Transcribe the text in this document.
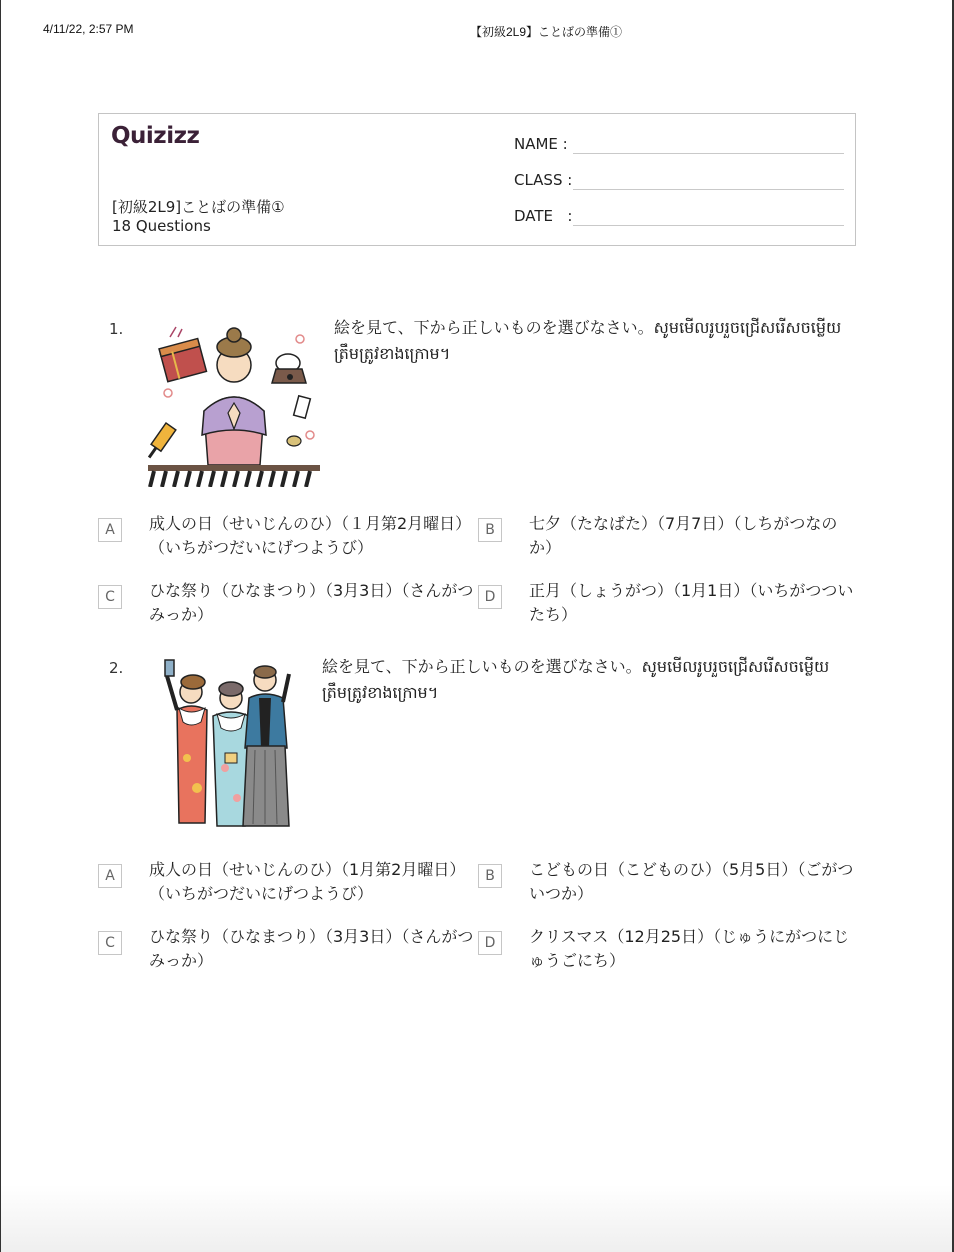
4/11/22, 2:57 PM	【初級2L9】ことばの準備①
Quizizz
[初級2L9]ことばの準備①
18 Questions
NAME :
CLASS :
DATE   :
1.	絵を見て、下から正しいものを選びなさい。សូមមើលរូបរួចជ្រើសរើសចម្លើយត្រឹមត្រូវខាងក្រោម។
A	成人の日（せいじんのひ）（１月第2月曜日）（いちがつだいにげつようび）
B	七夕（たなばた）（7月7日）（しちがつなのか）
C	ひな祭り（ひなまつり）（3月3日）（さんがつみっか）
D	正月（しょうがつ）（1月1日）（いちがつついたち）
2.	絵を見て、下から正しいものを選びなさい。សូមមើលរូបរួចជ្រើសរើសចម្លើយត្រឹមត្រូវខាងក្រោម។
A	成人の日（せいじんのひ）（1月第2月曜日）（いちがつだいにげつようび）
B	こどもの日（こどものひ）（5月5日）（ごがついつか）
C	ひな祭り（ひなまつり）（3月3日）（さんがつみっか）
D	クリスマス（12月25日）（じゅうにがつにじゅうごにち）
